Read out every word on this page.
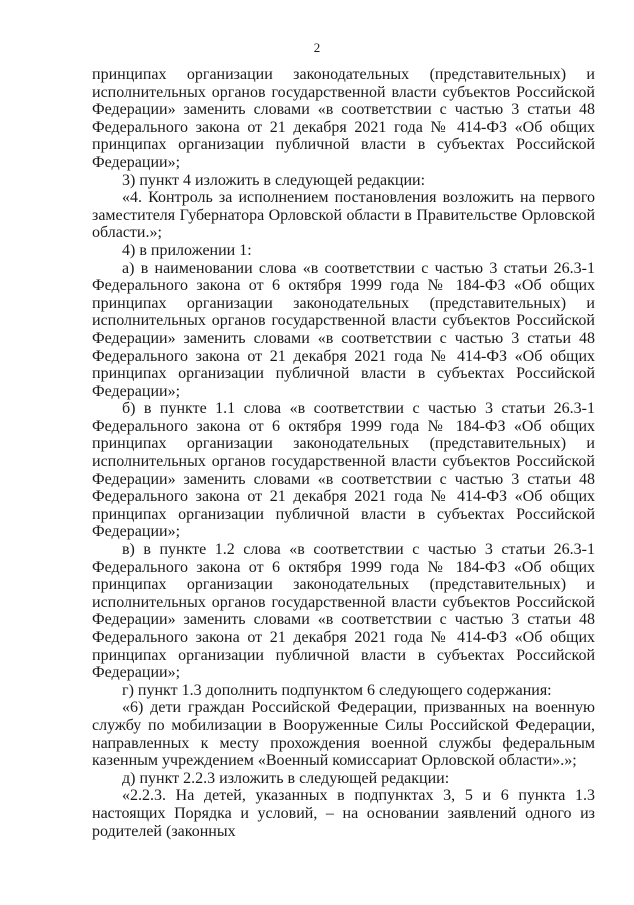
2

принципах организации законодательных (представительных) и исполнительных органов государственной власти субъектов Российской Федерации» заменить словами «в соответствии с частью 3 статьи 48 Федерального закона от 21 декабря 2021 года № 414-ФЗ «Об общих принципах организации публичной власти в субъектах Российской Федерации»;

3) пункт 4 изложить в следующей редакции:

«4. Контроль за исполнением постановления возложить на первого заместителя Губернатора Орловской области в Правительстве Орловской области.»;

4) в приложении 1:

а) в наименовании слова «в соответствии с частью 3 статьи 26.3-1 Федерального закона от 6 октября 1999 года № 184-ФЗ «Об общих принципах организации законодательных (представительных) и исполнительных органов государственной власти субъектов Российской Федерации» заменить словами «в соответствии с частью 3 статьи 48 Федерального закона от 21 декабря 2021 года № 414-ФЗ «Об общих принципах организации публичной власти в субъектах Российской Федерации»;

б) в пункте 1.1 слова «в соответствии с частью 3 статьи 26.3-1 Федерального закона от 6 октября 1999 года № 184-ФЗ «Об общих принципах организации законодательных (представительных) и исполнительных органов государственной власти субъектов Российской Федерации» заменить словами «в соответствии с частью 3 статьи 48 Федерального закона от 21 декабря 2021 года № 414-ФЗ «Об общих принципах организации публичной власти в субъектах Российской Федерации»;

в) в пункте 1.2 слова «в соответствии с частью 3 статьи 26.3-1 Федерального закона от 6 октября 1999 года № 184-ФЗ «Об общих принципах организации законодательных (представительных) и исполнительных органов государственной власти субъектов Российской Федерации» заменить словами «в соответствии с частью 3 статьи 48 Федерального закона от 21 декабря 2021 года № 414-ФЗ «Об общих принципах организации публичной власти в субъектах Российской Федерации»;

г) пункт 1.3 дополнить подпунктом 6 следующего содержания:

«6) дети граждан Российской Федерации, призванных на военную службу по мобилизации в Вооруженные Силы Российской Федерации, направленных к месту прохождения военной службы федеральным казенным учреждением «Военный комиссариат Орловской области».»;

д) пункт 2.2.3 изложить в следующей редакции:

«2.2.3. На детей, указанных в подпунктах 3, 5 и 6 пункта 1.3 настоящих Порядка и условий, – на основании заявлений одного из родителей (законных
